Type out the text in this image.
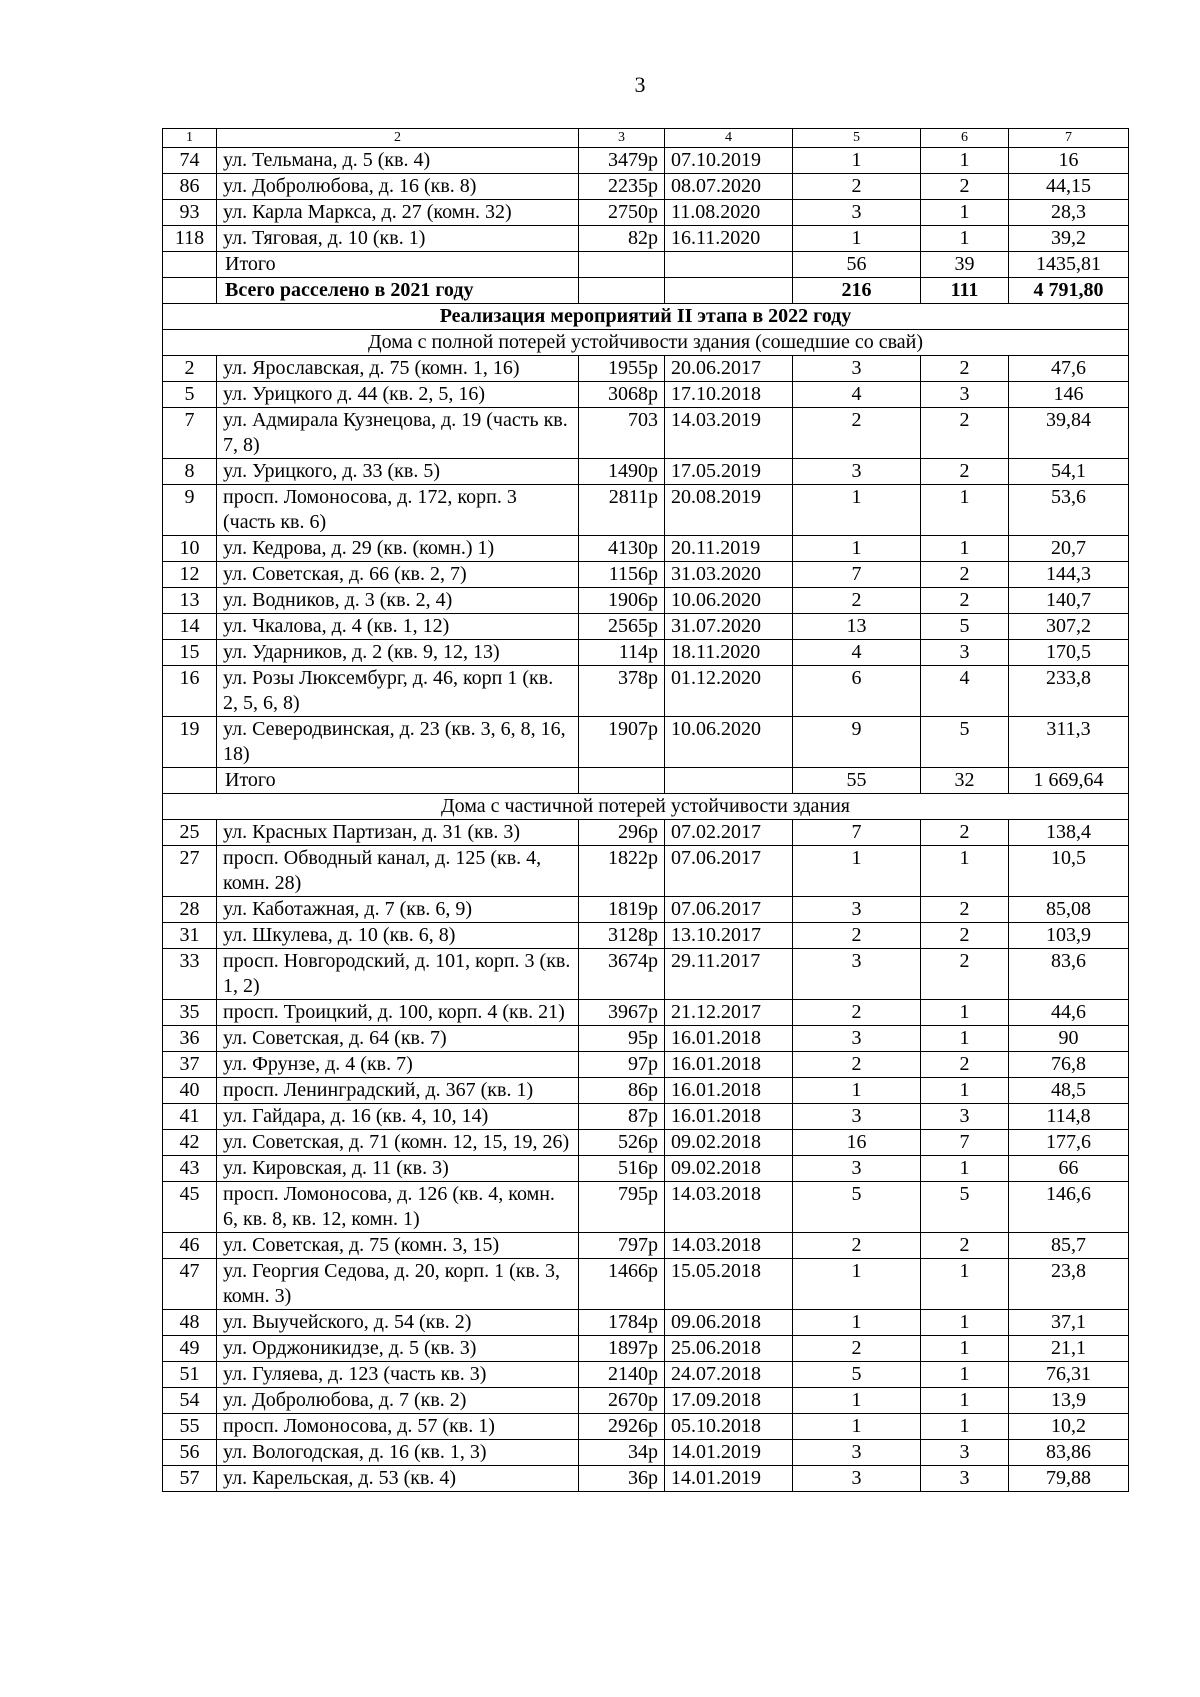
3
1	2	3	4	5	6	7
74	ул. Тельмана, д. 5 (кв. 4)	3479р	07.10.2019	1	1	16
86	ул. Добролюбова, д. 16 (кв. 8)	2235р	08.07.2020	2	2	44,15
93	ул. Карла Маркса, д. 27 (комн. 32)	2750р	11.08.2020	3	1	28,3
118	ул. Тяговая, д. 10 (кв. 1)	82р	16.11.2020	1	1	39,2
	Итого			56	39	1435,81
	Всего расселено в 2021 году			216	111	4 791,80
Реализация мероприятий II этапа в 2022 году						
Дома с полной потерей устойчивости здания (сошедшие со свай)						
2	ул. Ярославская, д. 75 (комн. 1, 16)	1955р	20.06.2017	3	2	47,6
5	ул. Урицкого д. 44 (кв. 2, 5, 16)	3068р	17.10.2018	4	3	146
7	ул. Адмирала Кузнецова, д. 19 (часть кв. 7, 8)	703	14.03.2019	2	2	39,84
8	ул. Урицкого, д. 33 (кв. 5)	1490р	17.05.2019	3	2	54,1
9	просп. Ломоносова, д. 172, корп. 3 (часть кв. 6)	2811р	20.08.2019	1	1	53,6
10	ул. Кедрова, д. 29 (кв. (комн.) 1)	4130р	20.11.2019	1	1	20,7
12	ул. Советская, д. 66 (кв. 2, 7)	1156р	31.03.2020	7	2	144,3
13	ул. Водников, д. 3 (кв. 2, 4)	1906р	10.06.2020	2	2	140,7
14	ул. Чкалова, д. 4 (кв. 1, 12)	2565р	31.07.2020	13	5	307,2
15	ул. Ударников, д. 2 (кв. 9, 12, 13)	114р	18.11.2020	4	3	170,5
16	ул. Розы Люксембург, д. 46, корп 1 (кв. 2, 5, 6, 8)	378р	01.12.2020	6	4	233,8
19	ул. Северодвинская, д. 23 (кв. 3, 6, 8, 16, 18)	1907р	10.06.2020	9	5	311,3
	Итого			55	32	1 669,64
Дома с частичной потерей устойчивости здания						
25	ул. Красных Партизан, д. 31 (кв. 3)	296р	07.02.2017	7	2	138,4
27	просп. Обводный канал, д. 125 (кв. 4, комн. 28)	1822р	07.06.2017	1	1	10,5
28	ул. Каботажная, д. 7 (кв. 6, 9)	1819р	07.06.2017	3	2	85,08
31	ул. Шкулева, д. 10 (кв. 6, 8)	3128р	13.10.2017	2	2	103,9
33	просп. Новгородский, д. 101, корп. 3 (кв. 1, 2)	3674р	29.11.2017	3	2	83,6
35	просп. Троицкий, д. 100, корп. 4 (кв. 21)	3967р	21.12.2017	2	1	44,6
36	ул. Советская, д. 64 (кв. 7)	95р	16.01.2018	3	1	90
37	ул. Фрунзе, д. 4 (кв. 7)	97р	16.01.2018	2	2	76,8
40	просп. Ленинградский, д. 367 (кв. 1)	86р	16.01.2018	1	1	48,5
41	ул. Гайдара, д. 16 (кв. 4, 10, 14)	87р	16.01.2018	3	3	114,8
42	ул. Советская, д. 71 (комн. 12, 15, 19, 26)	526р	09.02.2018	16	7	177,6
43	ул. Кировская, д. 11 (кв. 3)	516р	09.02.2018	3	1	66
45	просп. Ломоносова, д. 126 (кв. 4, комн. 6, кв. 8, кв. 12, комн. 1)	795р	14.03.2018	5	5	146,6
46	ул. Советская, д. 75 (комн. 3, 15)	797р	14.03.2018	2	2	85,7
47	ул. Георгия Седова, д. 20, корп. 1 (кв. 3, комн. 3)	1466р	15.05.2018	1	1	23,8
48	ул. Выучейского, д. 54 (кв. 2)	1784р	09.06.2018	1	1	37,1
49	ул. Орджоникидзе, д. 5 (кв. 3)	1897р	25.06.2018	2	1	21,1
51	ул. Гуляева, д. 123 (часть кв. 3)	2140р	24.07.2018	5	1	76,31
54	ул. Добролюбова, д. 7 (кв. 2)	2670р	17.09.2018	1	1	13,9
55	просп. Ломоносова, д. 57 (кв. 1)	2926р	05.10.2018	1	1	10,2
56	ул. Вологодская, д. 16 (кв. 1, 3)	34р	14.01.2019	3	3	83,86
57	ул. Карельская, д. 53 (кв. 4)	36р	14.01.2019	3	3	79,88
